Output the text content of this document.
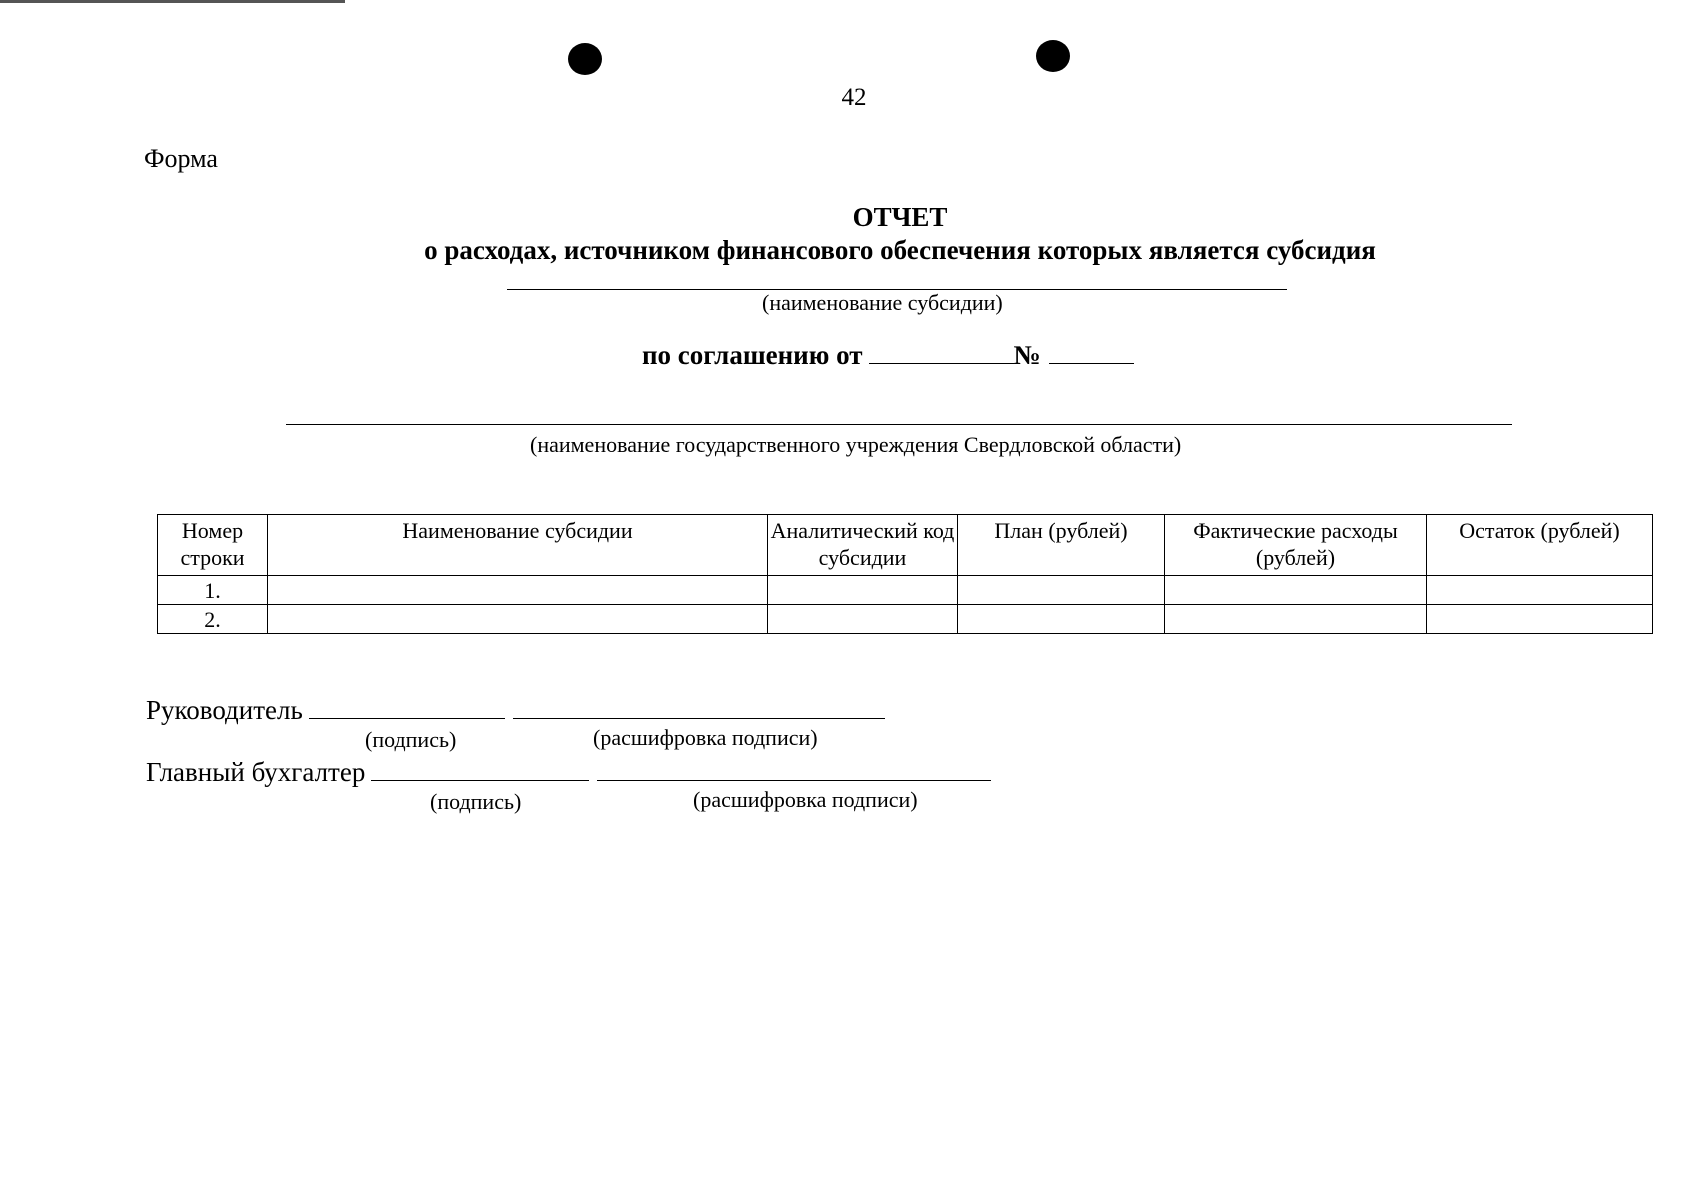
42
Форма
ОТЧЕТ
о расходах, источником финансового обеспечения которых является субсидия
(наименование субсидии)
по соглашению от	№
(наименование государственного учреждения Свердловской области)
Номер строки	Наименование субсидии	Аналитический код субсидии	План (рублей)	Фактические расходы (рублей)	Остаток (рублей)
1.					
2.					
Руководитель
(подпись)	(расшифровка подписи)
Главный бухгалтер
(подпись)	(расшифровка подписи)
